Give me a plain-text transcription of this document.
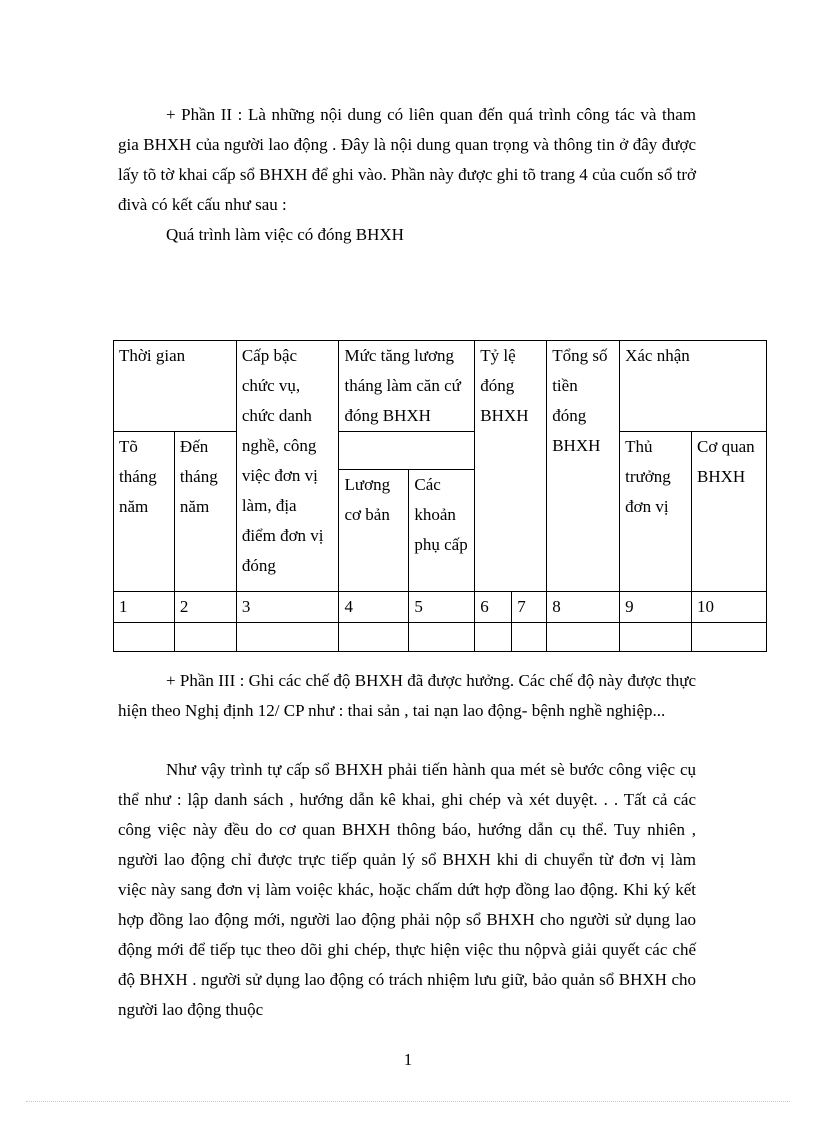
+ Phần II : Là những nội dung có liên quan đến quá trình công tác và tham gia BHXH của người lao động . Đây là nội dung quan trọng và thông tin ở đây được lấy tõ tờ khai cấp sổ BHXH để ghi vào. Phần này được ghi tõ trang 4 của cuốn sổ trở đivà có kết cấu như sau :

Quá trình làm việc có đóng BHXH

Thời gian		Cấp bậc chức vụ, chức danh nghề, công việc đơn vị làm, địa điểm đơn vị đóng	Mức tăng lương tháng làm căn cứ đóng BHXH		Tỷ lệ đóng BHXH		Tổng số tiền đóng BHXH	Xác nhận	
Tõ tháng năm	Đến tháng năm							Thủ trưởng đơn vị	Cơ quan BHXH
			Lương cơ bản	Các khoản phụ cấp					
1	2	3	4	5	6	7	8	9	10

+ Phần III : Ghi các chế độ BHXH đã được hưởng. Các chế độ này được thực hiện theo Nghị định 12/ CP như : thai sản , tai nạn lao động- bệnh nghề nghiệp...

Như vậy trình tự cấp sổ BHXH phải tiến hành qua mét sè bước công việc cụ thể như : lập danh sách , hướng dẫn kê khai, ghi chép và xét duyệt. . . Tất cả các công việc này đều do cơ quan BHXH thông báo, hướng dẫn cụ thể. Tuy nhiên , người lao động chỉ được trực tiếp quản lý sổ BHXH khi di chuyển từ đơn vị làm việc này sang đơn vị làm voiệc khác, hoặc chấm dứt hợp đồng lao động. Khi ký kết hợp đồng lao động mới, người lao động phải nộp sổ BHXH cho người sử dụng lao động mới để tiếp tục theo dõi ghi chép, thực hiện việc thu nộpvà giải quyết các chế độ BHXH . người sử dụng lao động có trách nhiệm lưu giữ, bảo quản sổ BHXH cho người lao động thuộc

1
